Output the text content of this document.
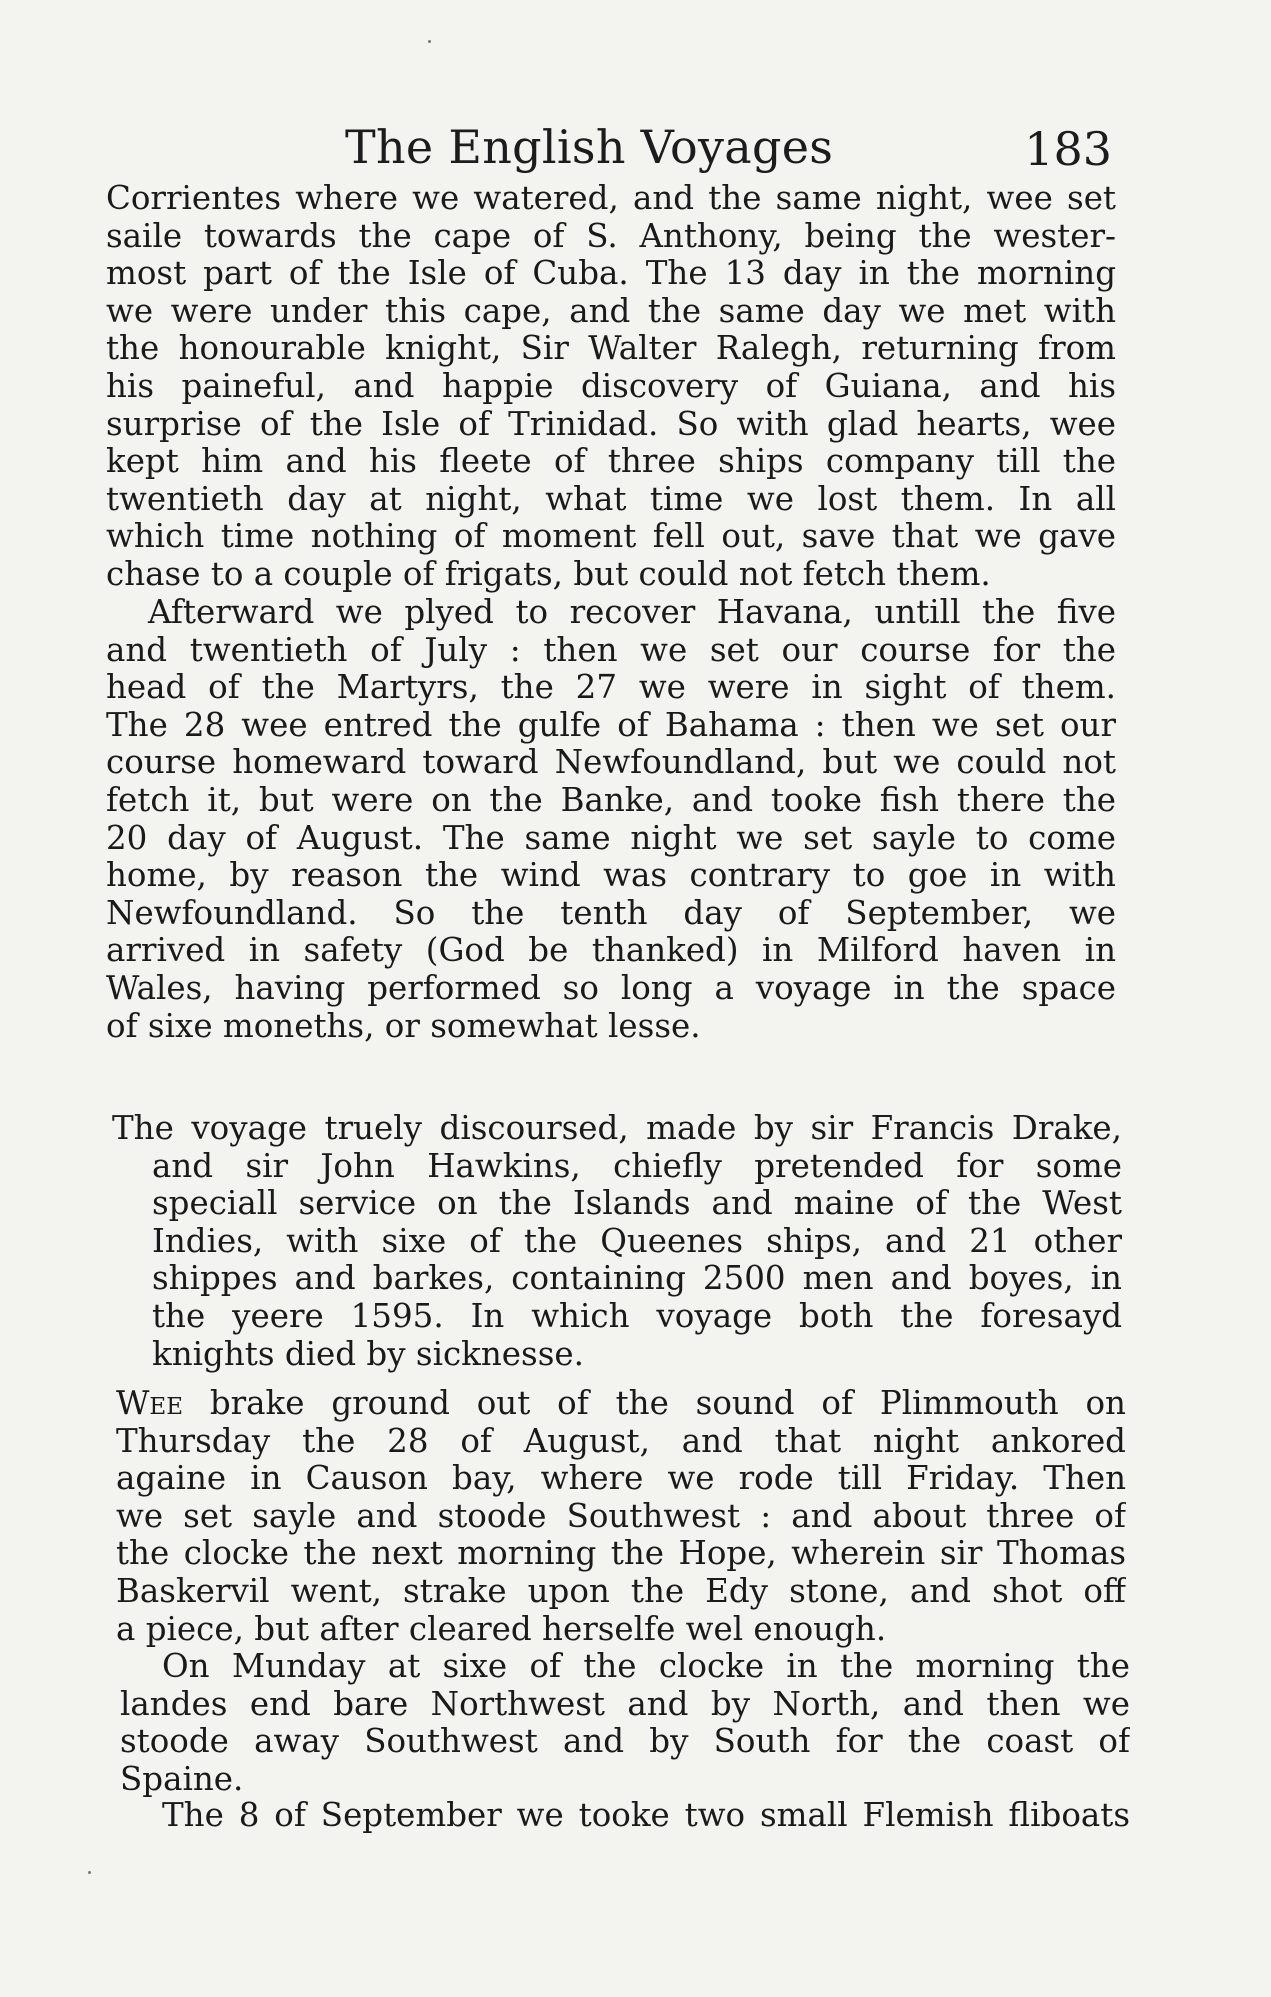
The English Voyages	183
Corrientes where we watered, and the same night, wee set
saile towards the cape of S. Anthony, being the wester-
most part of the Isle of Cuba. The 13 day in the morning
we were under this cape, and the same day we met with
the honourable knight, Sir Walter Ralegh, returning from
his paineful, and happie discovery of Guiana, and his
surprise of the Isle of Trinidad. So with glad hearts, wee
kept him and his fleete of three ships company till the
twentieth day at night, what time we lost them. In all
which time nothing of moment fell out, save that we gave
chase to a couple of frigats, but could not fetch them.
Afterward we plyed to recover Havana, untill the five
and twentieth of July : then we set our course for the
head of the Martyrs, the 27 we were in sight of them.
The 28 wee entred the gulfe of Bahama : then we set our
course homeward toward Newfoundland, but we could not
fetch it, but were on the Banke, and tooke fish there the
20 day of August. The same night we set sayle to come
home, by reason the wind was contrary to goe in with
Newfoundland. So the tenth day of September, we
arrived in safety (God be thanked) in Milford haven in
Wales, having performed so long a voyage in the space
of sixe moneths, or somewhat lesse.
The voyage truely discoursed, made by sir Francis Drake,
and sir John Hawkins, chiefly pretended for some
speciall service on the Islands and maine of the West
Indies, with sixe of the Queenes ships, and 21 other
shippes and barkes, containing 2500 men and boyes, in
the yeere 1595. In which voyage both the foresayd
knights died by sicknesse.
Wee brake ground out of the sound of Plimmouth on
Thursday the 28 of August, and that night ankored
againe in Causon bay, where we rode till Friday. Then
we set sayle and stoode Southwest : and about three of
the clocke the next morning the Hope, wherein sir Thomas
Baskervil went, strake upon the Edy stone, and shot off
a piece, but after cleared herselfe wel enough.
On Munday at sixe of the clocke in the morning the
landes end bare Northwest and by North, and then we
stoode away Southwest and by South for the coast of
Spaine.
The 8 of September we tooke two small Flemish fliboats
